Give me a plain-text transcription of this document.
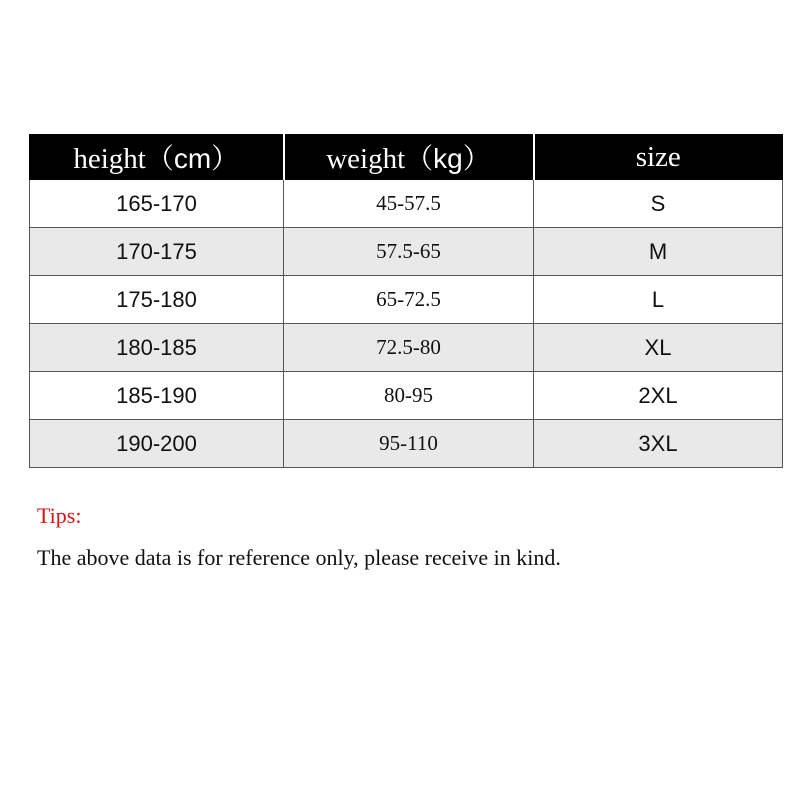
height（cm）	weight（kg）	size
165-170	45-57.5	S
170-175	57.5-65	M
175-180	65-72.5	L
180-185	72.5-80	XL
185-190	80-95	2XL
190-200	95-110	3XL

Tips:

The above data is for reference only, please receive in kind.
